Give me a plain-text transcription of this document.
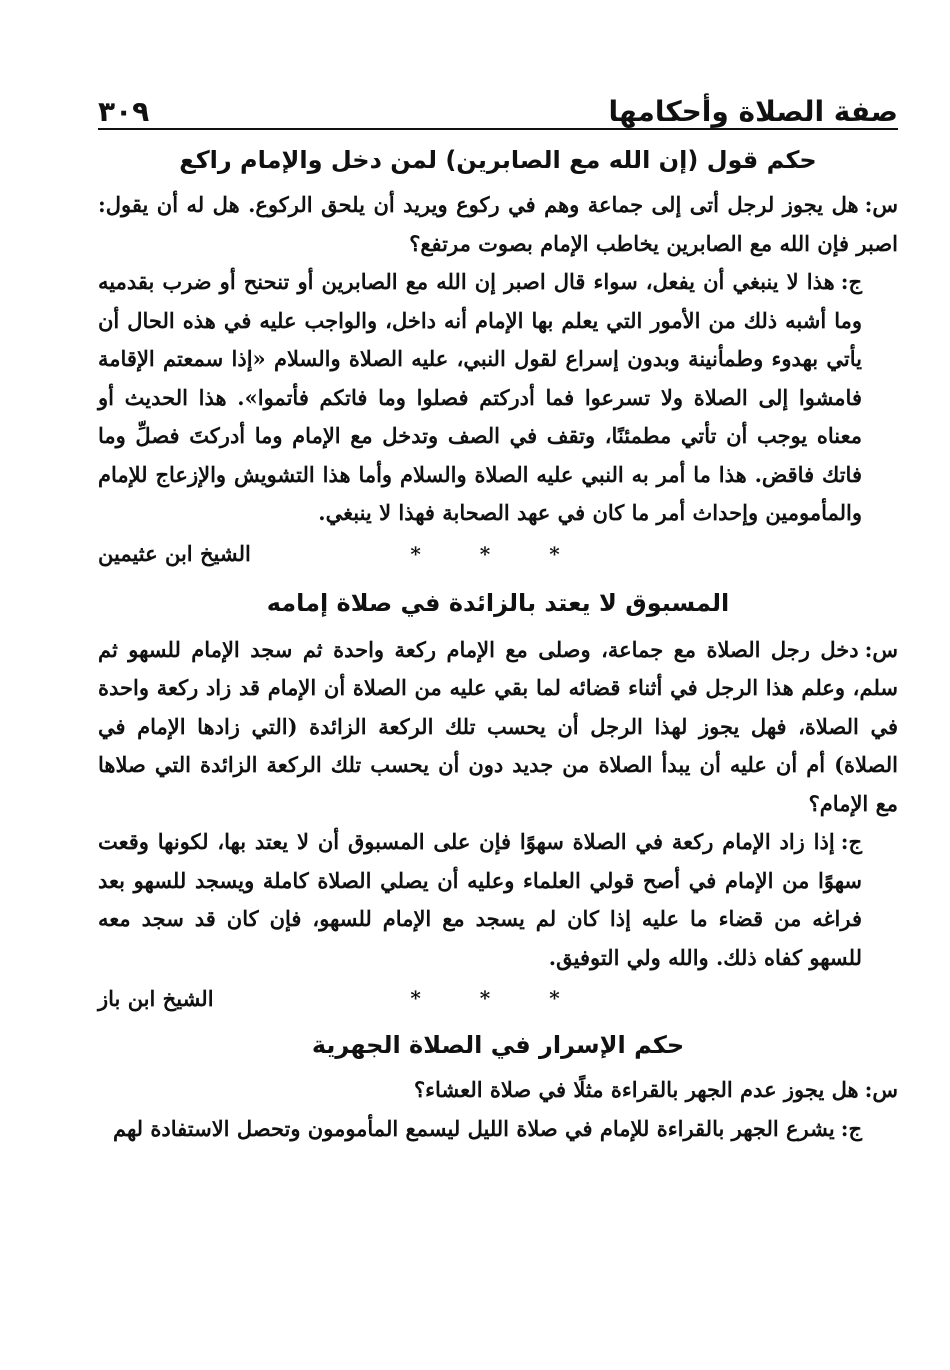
صفة الصلاة وأحكامها
٣٠٩
حكم قول (إن الله مع الصابرين) لمن دخل والإمام راكع

س:هل يجوز لرجل أتى إلى جماعة وهم في ركوع ويريد أن يلحق الركوع. هل له أن يقول: اصبر فإن الله مع الصابرين يخاطب الإمام بصوت مرتفع؟

ج:هذا لا ينبغي أن يفعل، سواء قال اصبر إن الله مع الصابرين أو تنحنح أو ضرب بقدميه وما أشبه ذلك من الأمور التي يعلم بها الإمام أنه داخل، والواجب عليه في هذه الحال أن يأتي بهدوء وطمأنينة وبدون إسراع لقول النبي، عليه الصلاة والسلام «إذا سمعتم الإقامة فامشوا إلى الصلاة ولا تسرعوا فما أدركتم فصلوا وما فاتكم فأتموا». هذا الحديث أو معناه يوجب أن تأتي مطمئنًا، وتقف في الصف وتدخل مع الإمام وما أدركتَ فصلِّ وما فاتك فاقض. هذا ما أمر به النبي عليه الصلاة والسلام وأما هذا التشويش والإزعاج للإمام والمأمومين وإحداث أمر ما كان في عهد الصحابة فهذا لا ينبغي.

الشيخ ابن عثيمين	* * *
المسبوق لا يعتد بالزائدة في صلاة إمامه

س:دخل رجل الصلاة مع جماعة، وصلى مع الإمام ركعة واحدة ثم سجد الإمام للسهو ثم سلم، وعلم هذا الرجل في أثناء قضائه لما بقي عليه من الصلاة أن الإمام قد زاد ركعة واحدة في الصلاة، فهل يجوز لهذا الرجل أن يحسب تلك الركعة الزائدة (التي زادها الإمام في الصلاة) أم أن عليه أن يبدأ الصلاة من جديد دون أن يحسب تلك الركعة الزائدة التي صلاها مع الإمام؟

ج:إذا زاد الإمام ركعة في الصلاة سهوًا فإن على المسبوق أن لا يعتد بها، لكونها وقعت سهوًا من الإمام في أصح قولي العلماء وعليه أن يصلي الصلاة كاملة ويسجد للسهو بعد فراغه من قضاء ما عليه إذا كان لم يسجد مع الإمام للسهو، فإن كان قد سجد معه للسهو كفاه ذلك. والله ولي التوفيق.

الشيخ ابن باز	* * *
حكم الإسرار في الصلاة الجهرية

س:هل يجوز عدم الجهر بالقراءة مثلًا في صلاة العشاء؟

ج:يشرع الجهر بالقراءة للإمام في صلاة الليل ليسمع المأمومون وتحصل الاستفادة لهم
